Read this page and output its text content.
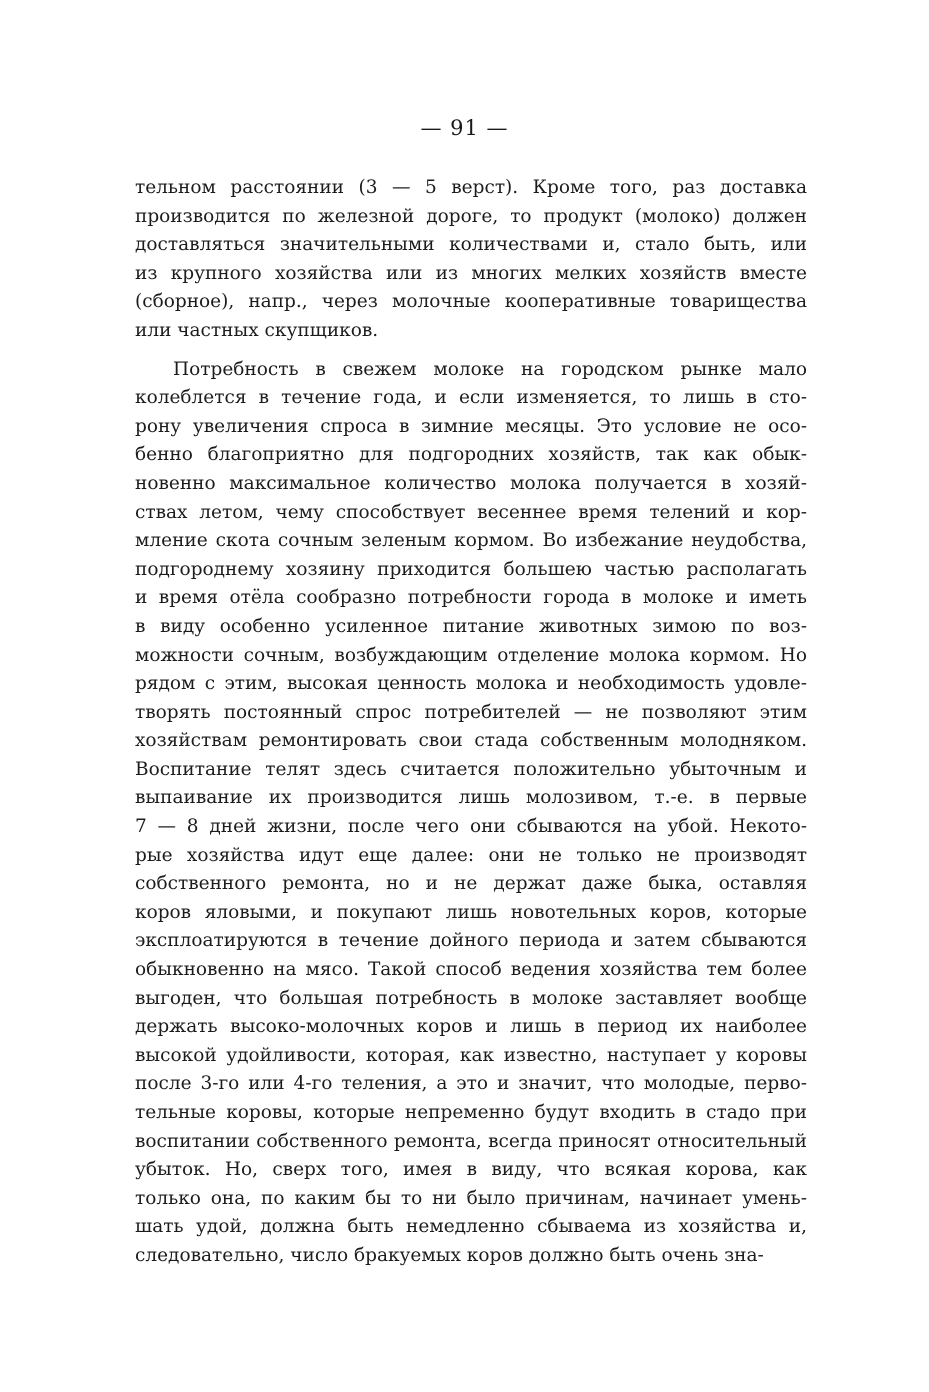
— 91 —
тельном расстоянии (3 — 5 верст). Кроме того, раз доставка
производится по железной дороге, то продукт (молоко) должен
доставляться значительными количествами и, стало быть, или
из крупного хозяйства или из многих мелких хозяйств вместе
(сборное), напр., через молочные кооперативные товарищества
или частных скупщиков.
Потребность в свежем молоке на городском рынке мало
колеблется в течение года, и если изменяется, то лишь в сто-
рону увеличения спроса в зимние месяцы. Это условие не осо-
бенно благоприятно для подгородних хозяйств, так как обык-
новенно максимальное количество молока получается в хозяй-
ствах летом, чему способствует весеннее время телений и кор-
мление скота сочным зеленым кормом. Во избежание неудобства,
подгороднему хозяину приходится большею частью располагать
и время отёла сообразно потребности города в молоке и иметь
в виду особенно усиленное питание животных зимою по воз-
можности сочным, возбуждающим отделение молока кормом. Но
рядом с этим, высокая ценность молока и необходимость удовле-
творять постоянный спрос потребителей — не позволяют этим
хозяйствам ремонтировать свои стада собственным молодняком.
Воспитание телят здесь считается положительно убыточным и
выпаивание их производится лишь молозивом, т.-е. в первые
7 — 8 дней жизни, после чего они сбываются на убой. Некото-
рые хозяйства идут еще далее: они не только не производят
собственного ремонта, но и не держат даже быка, оставляя
коров яловыми, и покупают лишь новотельных коров, которые
эксплоатируются в течение дойного периода и затем сбываются
обыкновенно на мясо. Такой способ ведения хозяйства тем более
выгоден, что большая потребность в молоке заставляет вообще
держать высоко-молочных коров и лишь в период их наиболее
высокой удойливости, которая, как известно, наступает у коровы
после 3-го или 4-го теления, а это и значит, что молодые, перво-
тельные коровы, которые непременно будут входить в стадо при
воспитании собственного ремонта, всегда приносят относительный
убыток. Но, сверх того, имея в виду, что всякая корова, как
только она, по каким бы то ни было причинам, начинает умень-
шать удой, должна быть немедленно сбываема из хозяйства и,
следовательно, число бракуемых коров должно быть очень зна-
